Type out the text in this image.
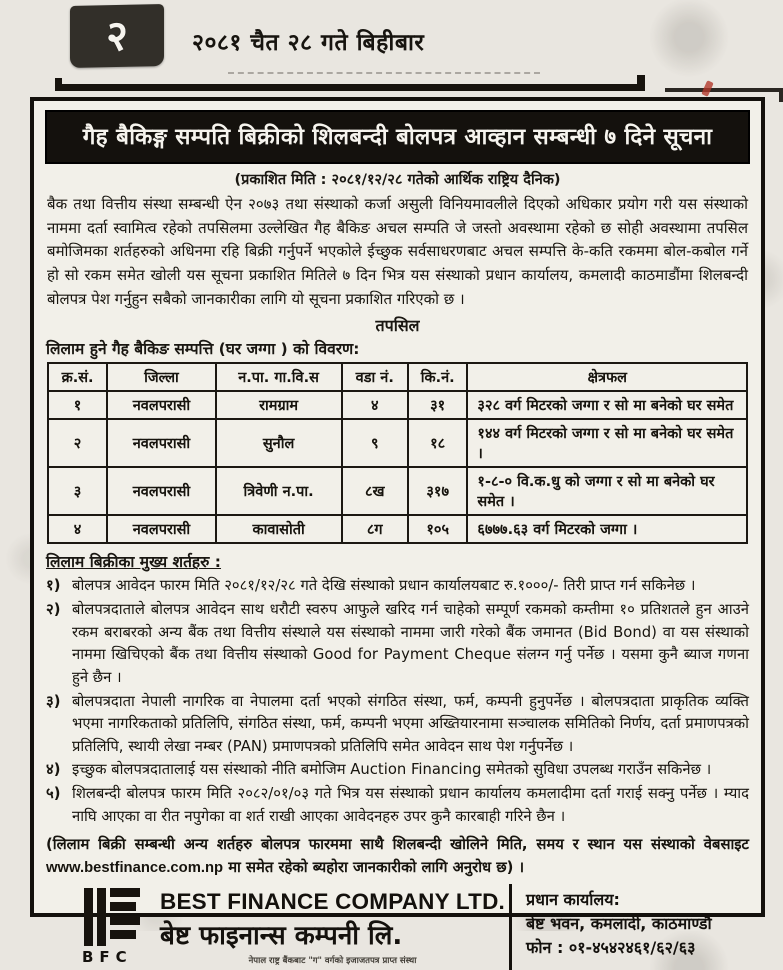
२	२०८१ चैत २८ गते बिहीबार
गैह बैकिङ्ग सम्पति बिक्रीको शिलबन्दी बोलपत्र आव्हान सम्बन्धी ७ दिने सूचना
(प्रकाशित मिति : २०८१/१२/२८ गतेको आर्थिक राष्ट्रिय दैनिक)
बैक तथा वित्तीय संस्था सम्बन्धी ऐन २०७३ तथा संस्थाको कर्जा असुली विनियमावलीले दिएको अधिकार प्रयोग गरी यस संस्थाको नाममा दर्ता स्वामित्व रहेको तपसिलमा उल्लेखित गैह बैकिङ अचल सम्पति जे जस्तो अवस्थामा रहेको छ सोही अवस्थामा तपसिल बमोजिमका शर्तहरुको अधिनमा रहि बिक्री गर्नुपर्ने भएकोले ईच्छुक सर्वसाधरणबाट अचल सम्पत्ति के-कति रकममा बोल-कबोल गर्ने हो सो रकम समेत खोली यस सूचना प्रकाशित मितिले ७ दिन भित्र यस संस्थाको प्रधान कार्यालय, कमलादी काठमाडौंमा शिलबन्दी बोलपत्र पेश गर्नुहुन सबैको जानकारीका लागि यो सूचना प्रकाशित गरिएको छ ।
तपसिल
लिलाम हुने गैह बैकिङ सम्पत्ति (घर जग्गा ) को विवरण:
क्र.सं.	जिल्ला	न.पा. गा.वि.स	वडा नं.	कि.नं.	क्षेत्रफल
१	नवलपरासी	रामग्राम	४	३१	३२८ वर्ग मिटरको जग्गा र सो मा बनेको घर समेत
२	नवलपरासी	सुनौल	९	१८	१४४ वर्ग मिटरको जग्गा र सो मा बनेको घर समेत ।
३	नवलपरासी	त्रिवेणी न.पा.	८ख	३१७	१-८-० वि.क.धु को जग्गा र सो मा बनेको घर समेत ।
४	नवलपरासी	कावासोती	८ग	१०५	६७७७.६३ वर्ग मिटरको जग्गा ।
लिलाम बिक्रीका मुख्य शर्तहरु :
१) बोलपत्र आवेदन फारम मिति २०८१/१२/२८ गते देखि संस्थाको प्रधान कार्यालयबाट रु.१०००/- तिरी प्राप्त गर्न सकिनेछ ।
२) बोलपत्रदाताले बोलपत्र आवेदन साथ धरौटी स्वरुप आफुले खरिद गर्न चाहेको सम्पूर्ण रकमको कम्तीमा १० प्रतिशतले हुन आउने रकम बराबरको अन्य बैंक तथा वित्तीय संस्थाले यस संस्थाको नाममा जारी गरेको बैंक जमानत (Bid Bond) वा यस संस्थाको नाममा खिचिएको बैंक तथा वित्तीय संस्थाको Good for Payment Cheque संलग्न गर्नु पर्नेछ । यसमा कुनै ब्याज गणना हुने छैन ।
३) बोलपत्रदाता नेपाली नागरिक वा नेपालमा दर्ता भएको संगठित संस्था, फर्म, कम्पनी हुनुपर्नेछ । बोलपत्रदाता प्राकृतिक व्यक्ति भएमा नागरिकताको प्रतिलिपि, संगठित संस्था, फर्म, कम्पनी भएमा अख्तियारनामा सञ्चालक समितिको निर्णय, दर्ता प्रमाणपत्रको प्रतिलिपि, स्थायी लेखा नम्बर (PAN) प्रमाणपत्रको प्रतिलिपि समेत आवेदन साथ पेश गर्नुपर्नेछ ।
४) इच्छुक बोलपत्रदातालाई यस संस्थाको नीति बमोजिम Auction Financing समेतको सुविधा उपलब्ध गराउँन सकिनेछ ।
५) शिलबन्दी बोलपत्र फारम मिति २०८२/०१/०३ गते भित्र यस संस्थाको प्रधान कार्यालय कमलादीमा दर्ता गराई सक्नु पर्नेछ । म्याद नाघि आएका वा रीत नपुगेका वा शर्त राखी आएका आवेदनहरु उपर कुनै कारबाही गरिने छैन ।
(लिलाम बिक्री सम्बन्धी अन्य शर्तहरु बोलपत्र फारममा साथै शिलबन्दी खोलिने मिति, समय र स्थान यस संस्थाको वेबसाइट www.bestfinance.com.np मा समेत रहेको ब्यहोरा जानकारीको लागि अनुरोध छ) ।
BFC
BEST FINANCE COMPANY LTD.
बेष्ट फाइनान्स कम्पनी लि.
नेपाल राष्ट्र बैंकबाट "ग" वर्गको इजाजतपत्र प्राप्त संस्था
प्रधान कार्यालय:
बेष्ट भवन, कमलादी, काठमाण्डौ
फोन : ०१-४५४२४६१/६२/६३
